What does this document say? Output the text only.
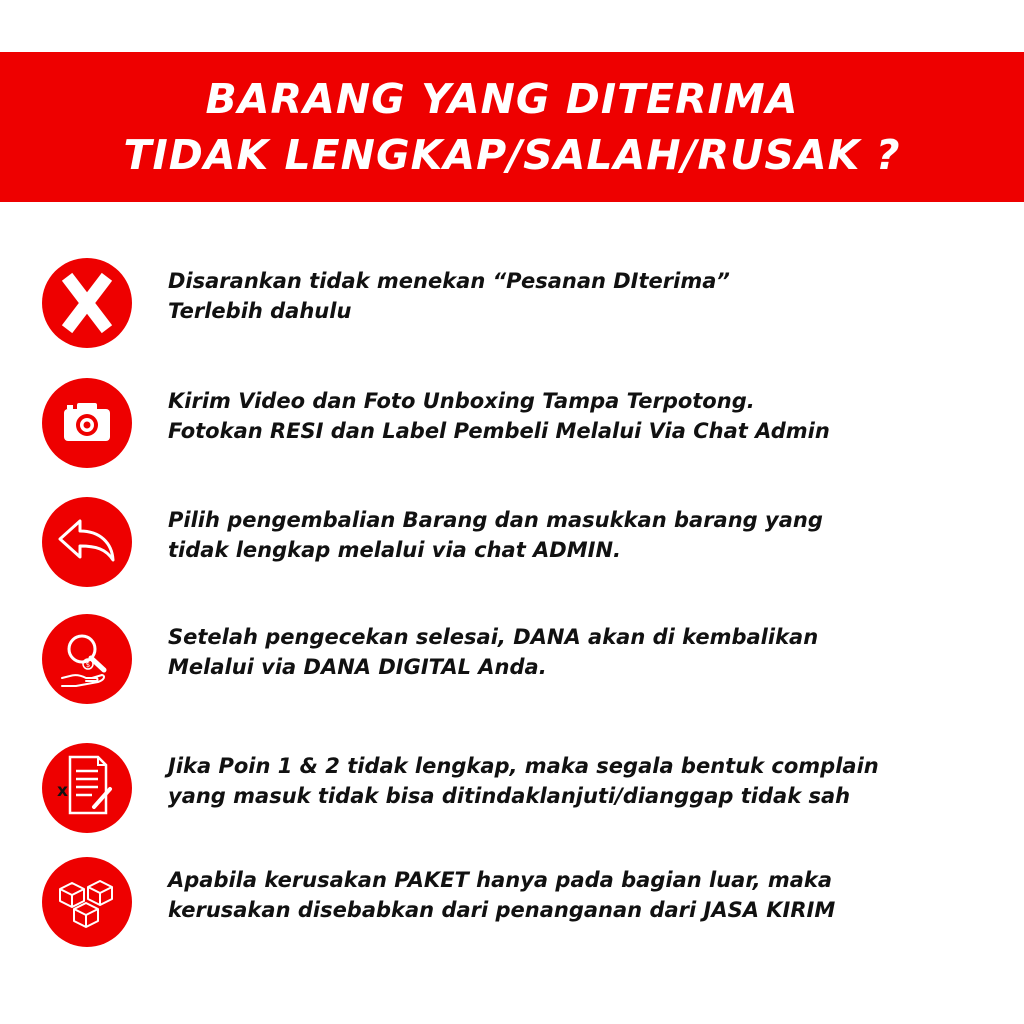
BARANG YANG DITERIMA
TIDAK LENGKAP/SALAH/RUSAK ?
Disarankan tidak menekan “Pesanan DIterima”
Terlebih dahulu
Kirim Video dan Foto Unboxing Tampa Terpotong.
Fotokan RESI dan Label Pembeli Melalui Via Chat Admin
Pilih pengembalian Barang dan masukkan barang yang
tidak lengkap melalui via chat ADMIN.
$
Setelah pengecekan selesai, DANA akan di kembalikan
Melalui via DANA DIGITAL Anda.
x
Jika Poin 1 & 2 tidak lengkap, maka segala bentuk complain
yang masuk tidak bisa ditindaklanjuti/dianggap tidak sah
Apabila kerusakan PAKET hanya pada bagian luar, maka
kerusakan disebabkan dari penanganan dari JASA KIRIM
